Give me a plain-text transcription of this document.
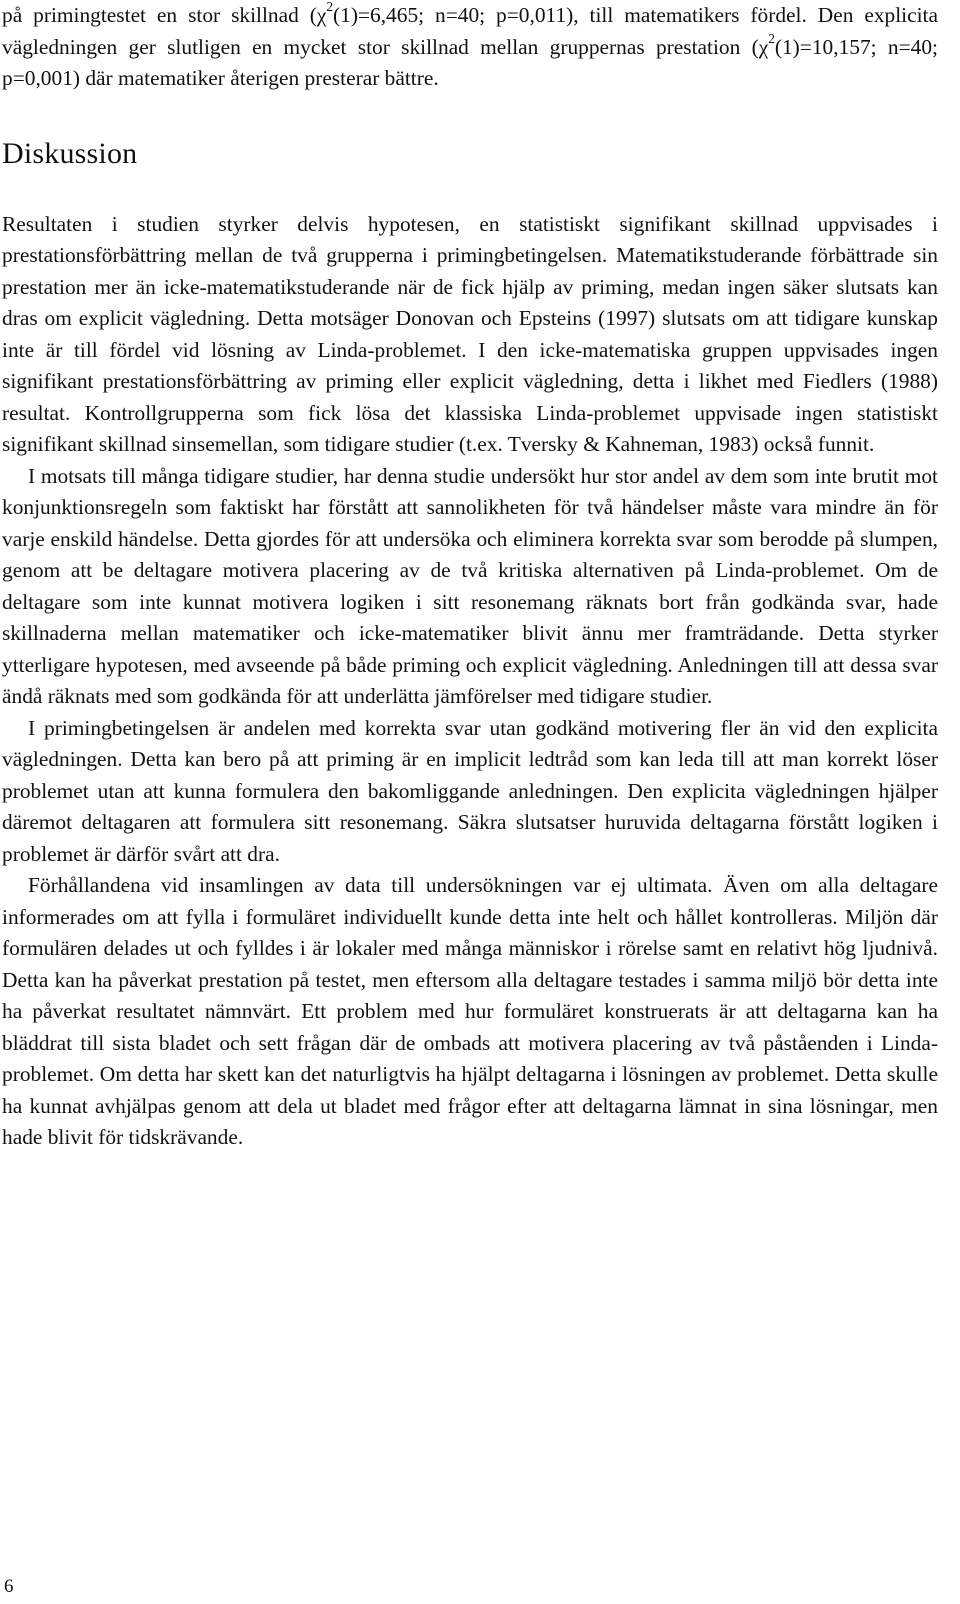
på primingtestet en stor skillnad ($\chi^2(1)=6,465$; n=40; p=0,011), till matematikers fördel. Den explicita vägledningen ger slutligen en mycket stor skillnad mellan gruppernas prestation ($\chi^2(1)=10,157$; n=40; p=0,001) där matematiker återigen presterar bättre.

Diskussion

Resultaten i studien styrker delvis hypotesen, en statistiskt signifikant skillnad uppvisades i prestationsförbättring mellan de två grupperna i primingbetingelsen. Matematikstuderande förbättrade sin prestation mer än icke-matematikstuderande när de fick hjälp av priming, medan ingen säker slutsats kan dras om explicit vägledning. Detta motsäger Donovan och Epsteins (1997) slutsats om att tidigare kunskap inte är till fördel vid lösning av Linda-problemet. I den icke-matematiska gruppen uppvisades ingen signifikant prestationsförbättring av priming eller explicit vägledning, detta i likhet med Fiedlers (1988) resultat. Kontrollgrupperna som fick lösa det klassiska Linda-problemet uppvisade ingen statistiskt signifikant skillnad sinsemellan, som tidigare studier (t.ex. Tversky & Kahneman, 1983) också funnit.

I motsats till många tidigare studier, har denna studie undersökt hur stor andel av dem som inte brutit mot konjunktionsregeln som faktiskt har förstått att sannolikheten för två händelser måste vara mindre än för varje enskild händelse. Detta gjordes för att undersöka och eliminera korrekta svar som berodde på slumpen, genom att be deltagare motivera placering av de två kritiska alternativen på Linda-problemet. Om de deltagare som inte kunnat motivera logiken i sitt resonemang räknats bort från godkända svar, hade skillnaderna mellan matematiker och icke-matematiker blivit ännu mer framträdande. Detta styrker ytterligare hypotesen, med avseende på både priming och explicit vägledning. Anledningen till att dessa svar ändå räknats med som godkända för att underlätta jämförelser med tidigare studier.

I primingbetingelsen är andelen med korrekta svar utan godkänd motivering fler än vid den explicita vägledningen. Detta kan bero på att priming är en implicit ledtråd som kan leda till att man korrekt löser problemet utan att kunna formulera den bakomliggande anledningen. Den explicita vägledningen hjälper däremot deltagaren att formulera sitt resonemang. Säkra slutsatser huruvida deltagarna förstått logiken i problemet är därför svårt att dra.

Förhållandena vid insamlingen av data till undersökningen var ej ultimata. Även om alla deltagare informerades om att fylla i formuläret individuellt kunde detta inte helt och hållet kontrolleras. Miljön där formulären delades ut och fylldes i är lokaler med många människor i rörelse samt en relativt hög ljudnivå. Detta kan ha påverkat prestation på testet, men eftersom alla deltagare testades i samma miljö bör detta inte ha påverkat resultatet nämnvärt. Ett problem med hur formuläret konstruerats är att deltagarna kan ha bläddrat till sista bladet och sett frågan där de ombads att motivera placering av två påståenden i Linda-problemet. Om detta har skett kan det naturligtvis ha hjälpt deltagarna i lösningen av problemet. Detta skulle ha kunnat avhjälpas genom att dela ut bladet med frågor efter att deltagarna lämnat in sina lösningar, men hade blivit för tidskrävande.

6
